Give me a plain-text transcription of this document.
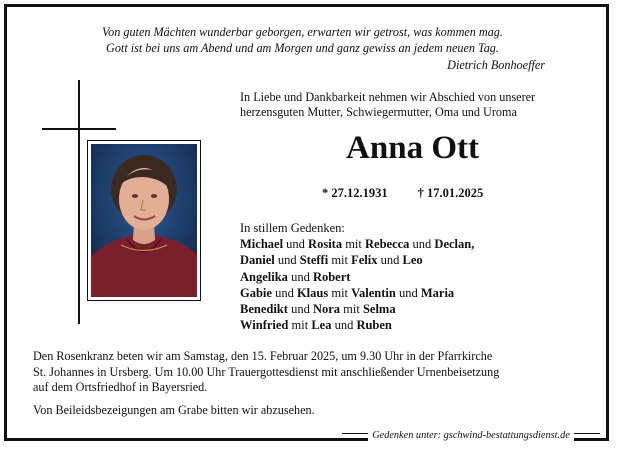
Von guten Mächten wunderbar geborgen, erwarten wir getrost, was kommen mag.
Gott ist bei uns am Abend und am Morgen und ganz gewiss an jedem neuen Tag.
Dietrich Bonhoeffer
In Liebe und Dankbarkeit nehmen wir Abschied von unserer
herzensguten Mutter, Schwiegermutter, Oma und Uroma
Anna Ott
* 27.12.1931 † 17.01.2025
In stillem Gedenken:
Michael und Rosita mit Rebecca und Declan,
Daniel und Steffi mit Felix und Leo
Angelika und Robert
Gabie und Klaus mit Valentin und Maria
Benedikt und Nora mit Selma
Winfried mit Lea und Ruben
Den Rosenkranz beten wir am Samstag, den 15. Februar 2025, um 9.30 Uhr in der Pfarrkirche
St. Johannes in Ursberg. Um 10.00 Uhr Trauergottesdienst mit anschließender Urnenbeisetzung
auf dem Ortsfriedhof in Bayersried.
Von Beileidsbezeigungen am Grabe bitten wir abzusehen.
Gedenken unter: gschwind-bestattungsdienst.de
